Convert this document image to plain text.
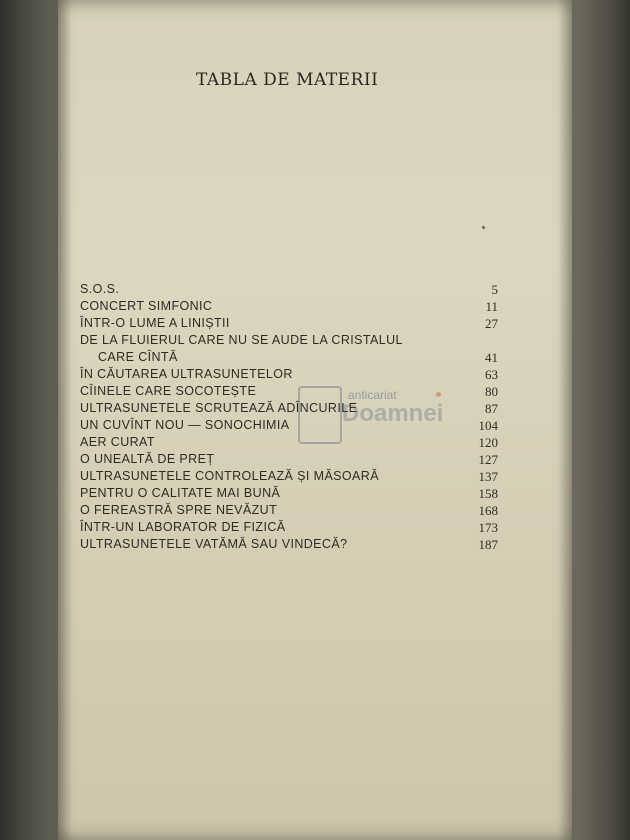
TABLA DE MATERII
S.O.S.	5
CONCERT SIMFONIC	11
ÎNTR-O LUME A LINIȘTII	27
DE LA FLUIERUL CARE NU SE AUDE LA CRISTALUL
CARE CÎNTĂ	41
ÎN CĂUTAREA ULTRASUNETELOR	63
CÎINELE CARE SOCOTEȘTE	80
ULTRASUNETELE SCRUTEAZĂ ADÎNCURILE	87
UN CUVÎNT NOU — SONOCHIMIA	104
AER CURAT	120
O UNEALTĂ DE PREȚ	127
ULTRASUNETELE CONTROLEAZĂ ȘI MĂSOARĂ	137
PENTRU O CALITATE MAI BUNĂ	158
O FEREASTRĂ SPRE NEVĂZUT	168
ÎNTR-UN LABORATOR DE FIZICĂ	173
ULTRASUNETELE VATĂMĂ SAU VINDECĂ?	187
anticariat
Doamnei
